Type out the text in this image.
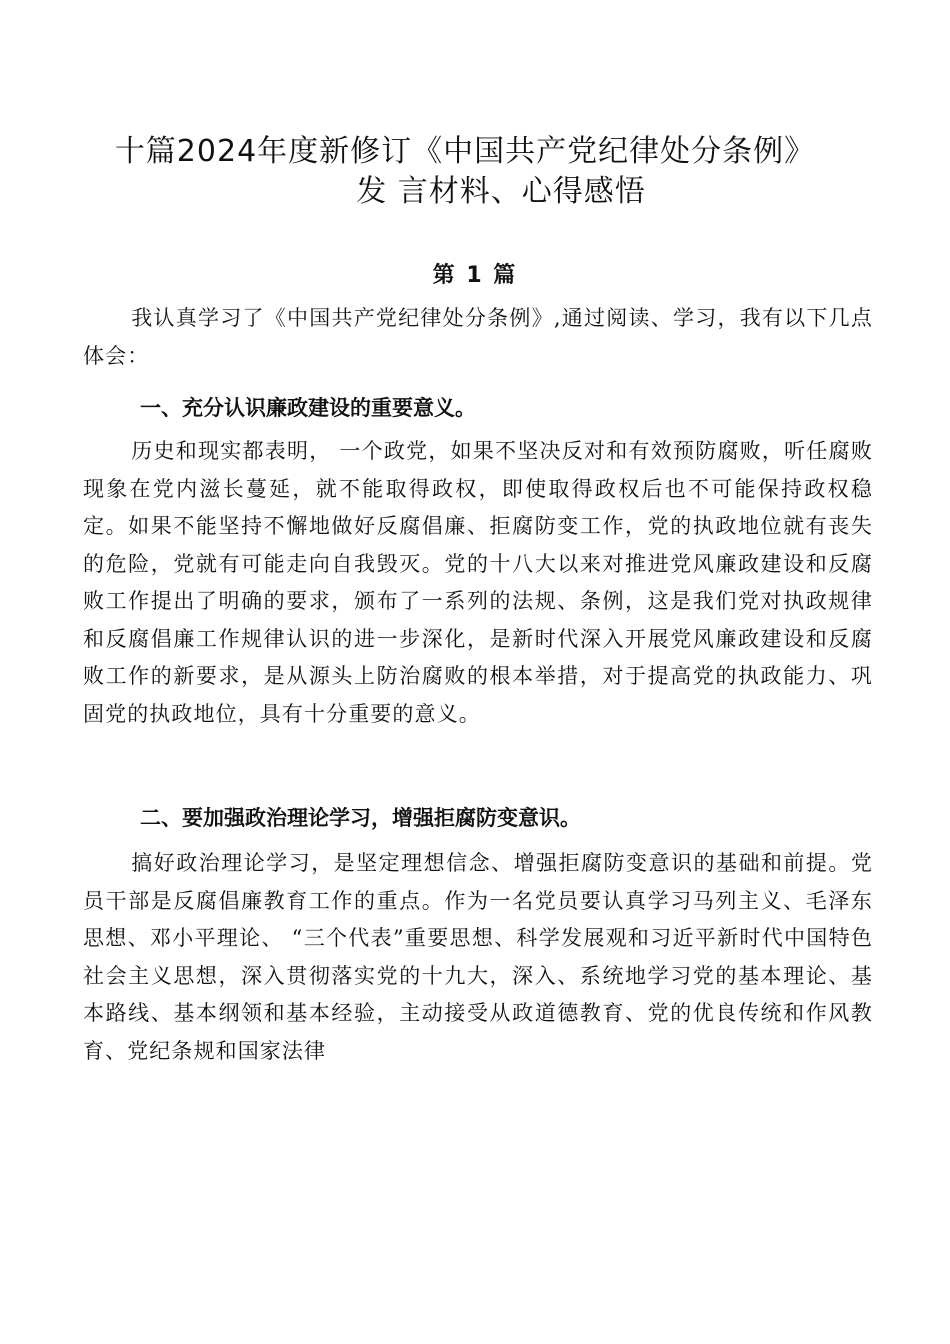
十篇2024年度新修订《中国共产党纪律处分条例》
发 言材料、心得感悟
第 1 篇

我认真学习了《中国共产党纪律处分条例》,通过阅读、学习，我有以下几点体会：

一、充分认识廉政建设的重要意义。

历史和现实都表明， 一个政党，如果不坚决反对和有效预防腐败，听任腐败现象在党内滋长蔓延，就不能取得政权，即使取得政权后也不可能保持政权稳定。如果不能坚持不懈地做好反腐倡廉、拒腐防变工作，党的执政地位就有丧失的危险，党就有可能走向自我毁灭。党的十八大以来对推进党风廉政建设和反腐败工作提出了明确的要求，颁布了一系列的法规、条例，这是我们党对执政规律和反腐倡廉工作规律认识的进一步深化，是新时代深入开展党风廉政建设和反腐败工作的新要求，是从源头上防治腐败的根本举措，对于提高党的执政能力、巩固党的执政地位，具有十分重要的意义。

二、要加强政治理论学习，增强拒腐防变意识。

搞好政治理论学习，是坚定理想信念、增强拒腐防变意识的基础和前提。党员干部是反腐倡廉教育工作的重点。作为一名党员要认真学习马列主义、毛泽东思想、邓小平理论、 “三个代表”重要思想、科学发展观和习近平新时代中国特色社会主义思想，深入贯彻落实党的十九大，深入、系统地学习党的基本理论、基本路线、基本纲领和基本经验，主动接受从政道德教育、党的优良传统和作风教育、党纪条规和国家法律
